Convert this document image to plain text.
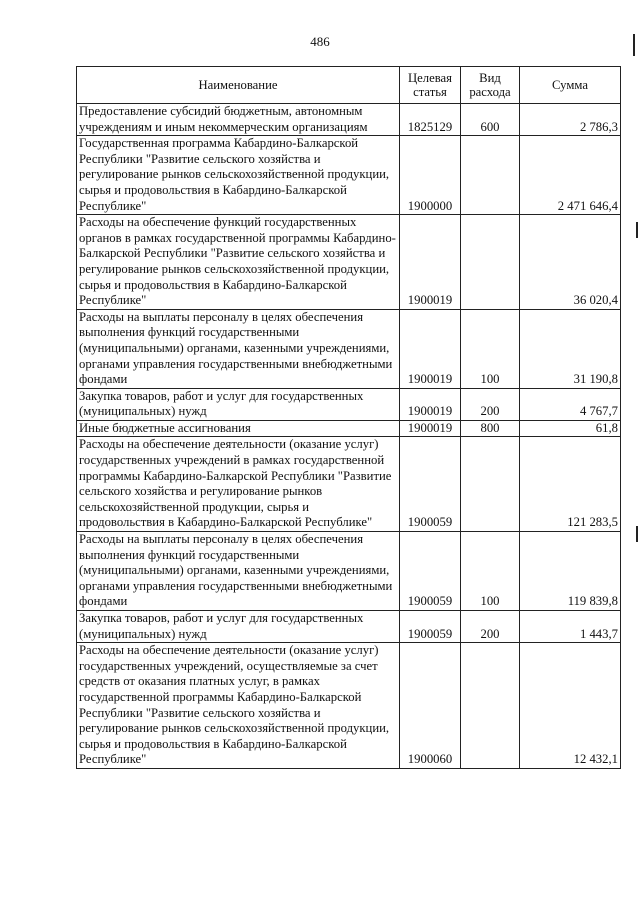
486
Наименование	Целевая статья	Вид расхода	Сумма
Предоставление субсидий бюджетным, автономным учреждениям и иным некоммерческим организациям	1825129	600	2 786,3
Государственная программа Кабардино-Балкарской Республики "Развитие сельского хозяйства и регулирование рынков сельскохозяйственной продукции, сырья и продовольствия в Кабардино-Балкарской Республике"	1900000		2 471 646,4
Расходы на обеспечение функций государственных органов в рамках государственной программы Кабардино-Балкарской Республики "Развитие сельского хозяйства и регулирование рынков сельскохозяйственной продукции, сырья и продовольствия в Кабардино-Балкарской Республике"	1900019		36 020,4
Расходы на выплаты персоналу в целях обеспечения выполнения функций государственными (муниципальными) органами, казенными учреждениями, органами управления государственными внебюджетными фондами	1900019	100	31 190,8
Закупка товаров, работ и услуг для государственных (муниципальных) нужд	1900019	200	4 767,7
Иные бюджетные ассигнования	1900019	800	61,8
Расходы на обеспечение деятельности (оказание услуг) государственных учреждений в рамках государственной программы Кабардино-Балкарской Республики "Развитие сельского хозяйства и регулирование рынков сельскохозяйственной продукции, сырья и продовольствия в Кабардино-Балкарской Республике"	1900059		121 283,5
Расходы на выплаты персоналу в целях обеспечения выполнения функций государственными (муниципальными) органами, казенными учреждениями, органами управления государственными внебюджетными фондами	1900059	100	119 839,8
Закупка товаров, работ и услуг для государственных (муниципальных) нужд	1900059	200	1 443,7
Расходы на обеспечение деятельности (оказание услуг) государственных учреждений, осуществляемые за счет средств от оказания платных услуг, в рамках государственной программы Кабардино-Балкарской Республики "Развитие сельского хозяйства и регулирование рынков сельскохозяйственной продукции, сырья и продовольствия в Кабардино-Балкарской Республике"	1900060		12 432,1
